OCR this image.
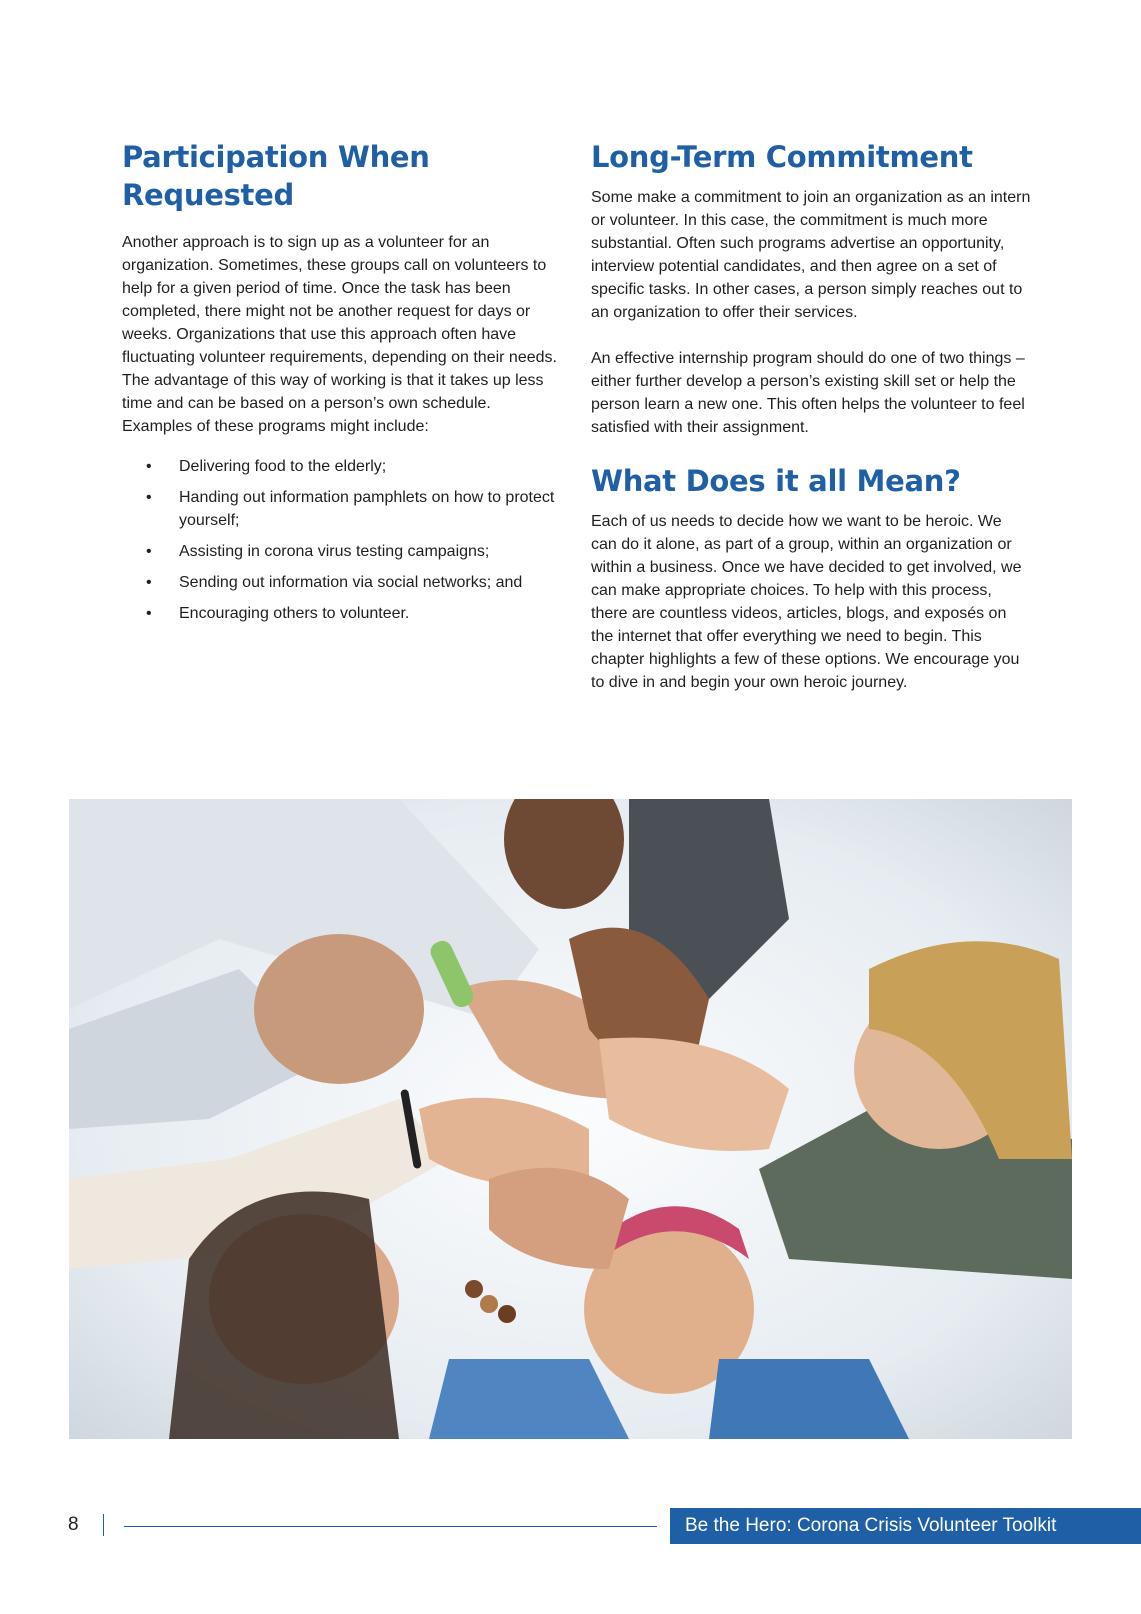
Participation When
Requested

Another approach is to sign up as a volunteer for an organization. Sometimes, these groups call on volunteers to help for a given period of time. Once the task has been completed, there might not be another request for days or weeks. Organizations that use this approach often have fluctuating volunteer requirements, depending on their needs. The advantage of this way of working is that it takes up less time and can be based on a person’s own schedule. Examples of these programs might include:

• Delivering food to the elderly;
• Handing out information pamphlets on how to protect yourself;
• Assisting in corona virus testing campaigns;
• Sending out information via social networks; and
• Encouraging others to volunteer.
Long-Term Commitment

Some make a commitment to join an organization as an intern or volunteer. In this case, the commitment is much more substantial. Often such programs advertise an opportunity, interview potential candidates, and then agree on a set of specific tasks. In other cases, a person simply reaches out to an organization to offer their services.

An effective internship program should do one of two things – either further develop a person’s existing skill set or help the person learn a new one. This often helps the volunteer to feel satisfied with their assignment.

What Does it all Mean?

Each of us needs to decide how we want to be heroic. We can do it alone, as part of a group, within an organization or within a business. Once we have decided to get involved, we can make appropriate choices. To help with this process, there are countless videos, articles, blogs, and exposés on the internet that offer everything we need to begin. This chapter highlights a few of these options. We encourage you to dive in and begin your own heroic journey.

8	Be the Hero: Corona Crisis Volunteer Toolkit
